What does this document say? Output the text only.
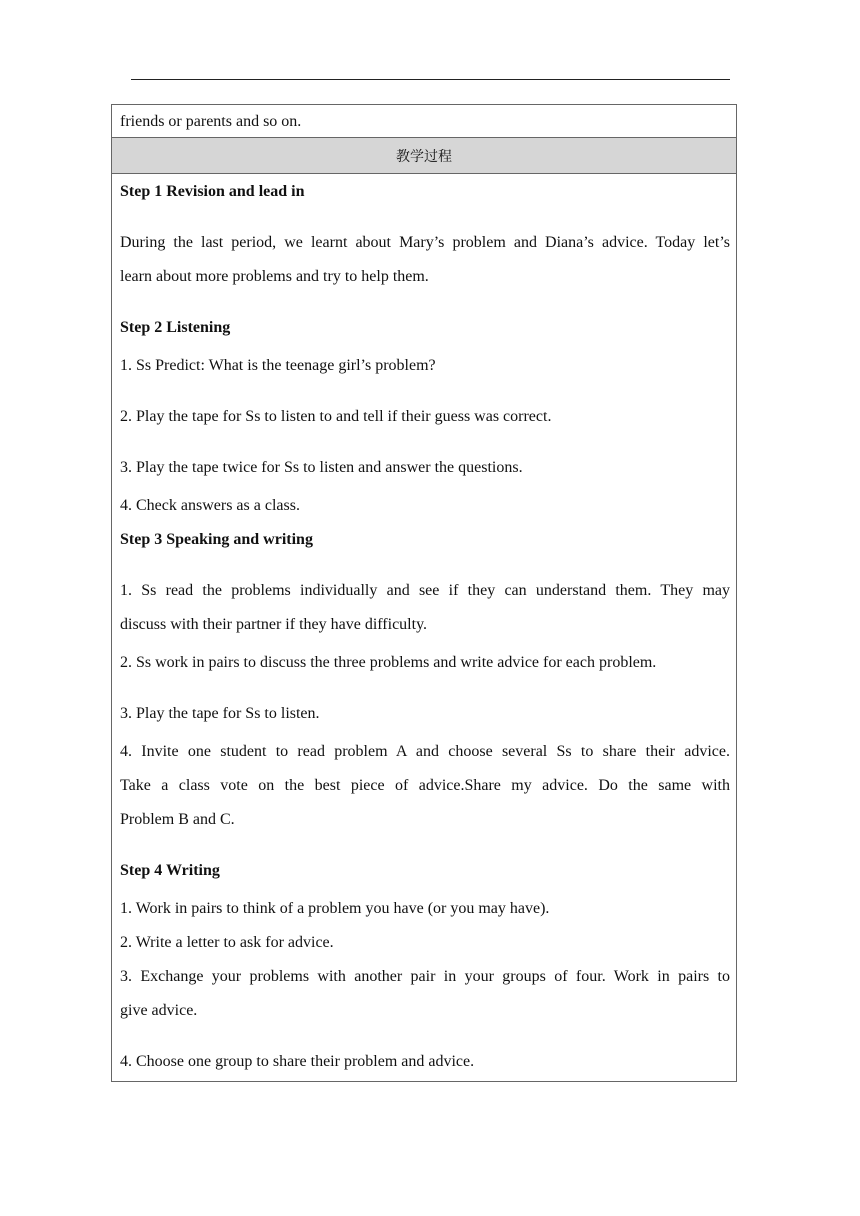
friends or parents and so on.
教学过程
Step 1 Revision and lead in
During the last period, we learnt about Mary’s problem and Diana’s advice. Today let’s
learn about more problems and try to help them.
Step 2 Listening
1. Ss Predict: What is the teenage girl’s problem?
2. Play the tape for Ss to listen to and tell if their guess was correct.
3. Play the tape twice for Ss to listen and answer the questions.
4. Check answers as a class.
Step 3 Speaking and writing
1. Ss read the problems individually and see if they can understand them. They may
discuss with their partner if they have difficulty.
2. Ss work in pairs to discuss the three problems and write advice for each problem.
3. Play the tape for Ss to listen.
4. Invite one student to read problem A and choose several Ss to share their advice.
Take a class vote on the best piece of advice.Share my advice. Do the same with
Problem B and C.
Step 4 Writing
1. Work in pairs to think of a problem you have (or you may have).
2. Write a letter to ask for advice.
3. Exchange your problems with another pair in your groups of four. Work in pairs to
give advice.
4. Choose one group to share their problem and advice.
